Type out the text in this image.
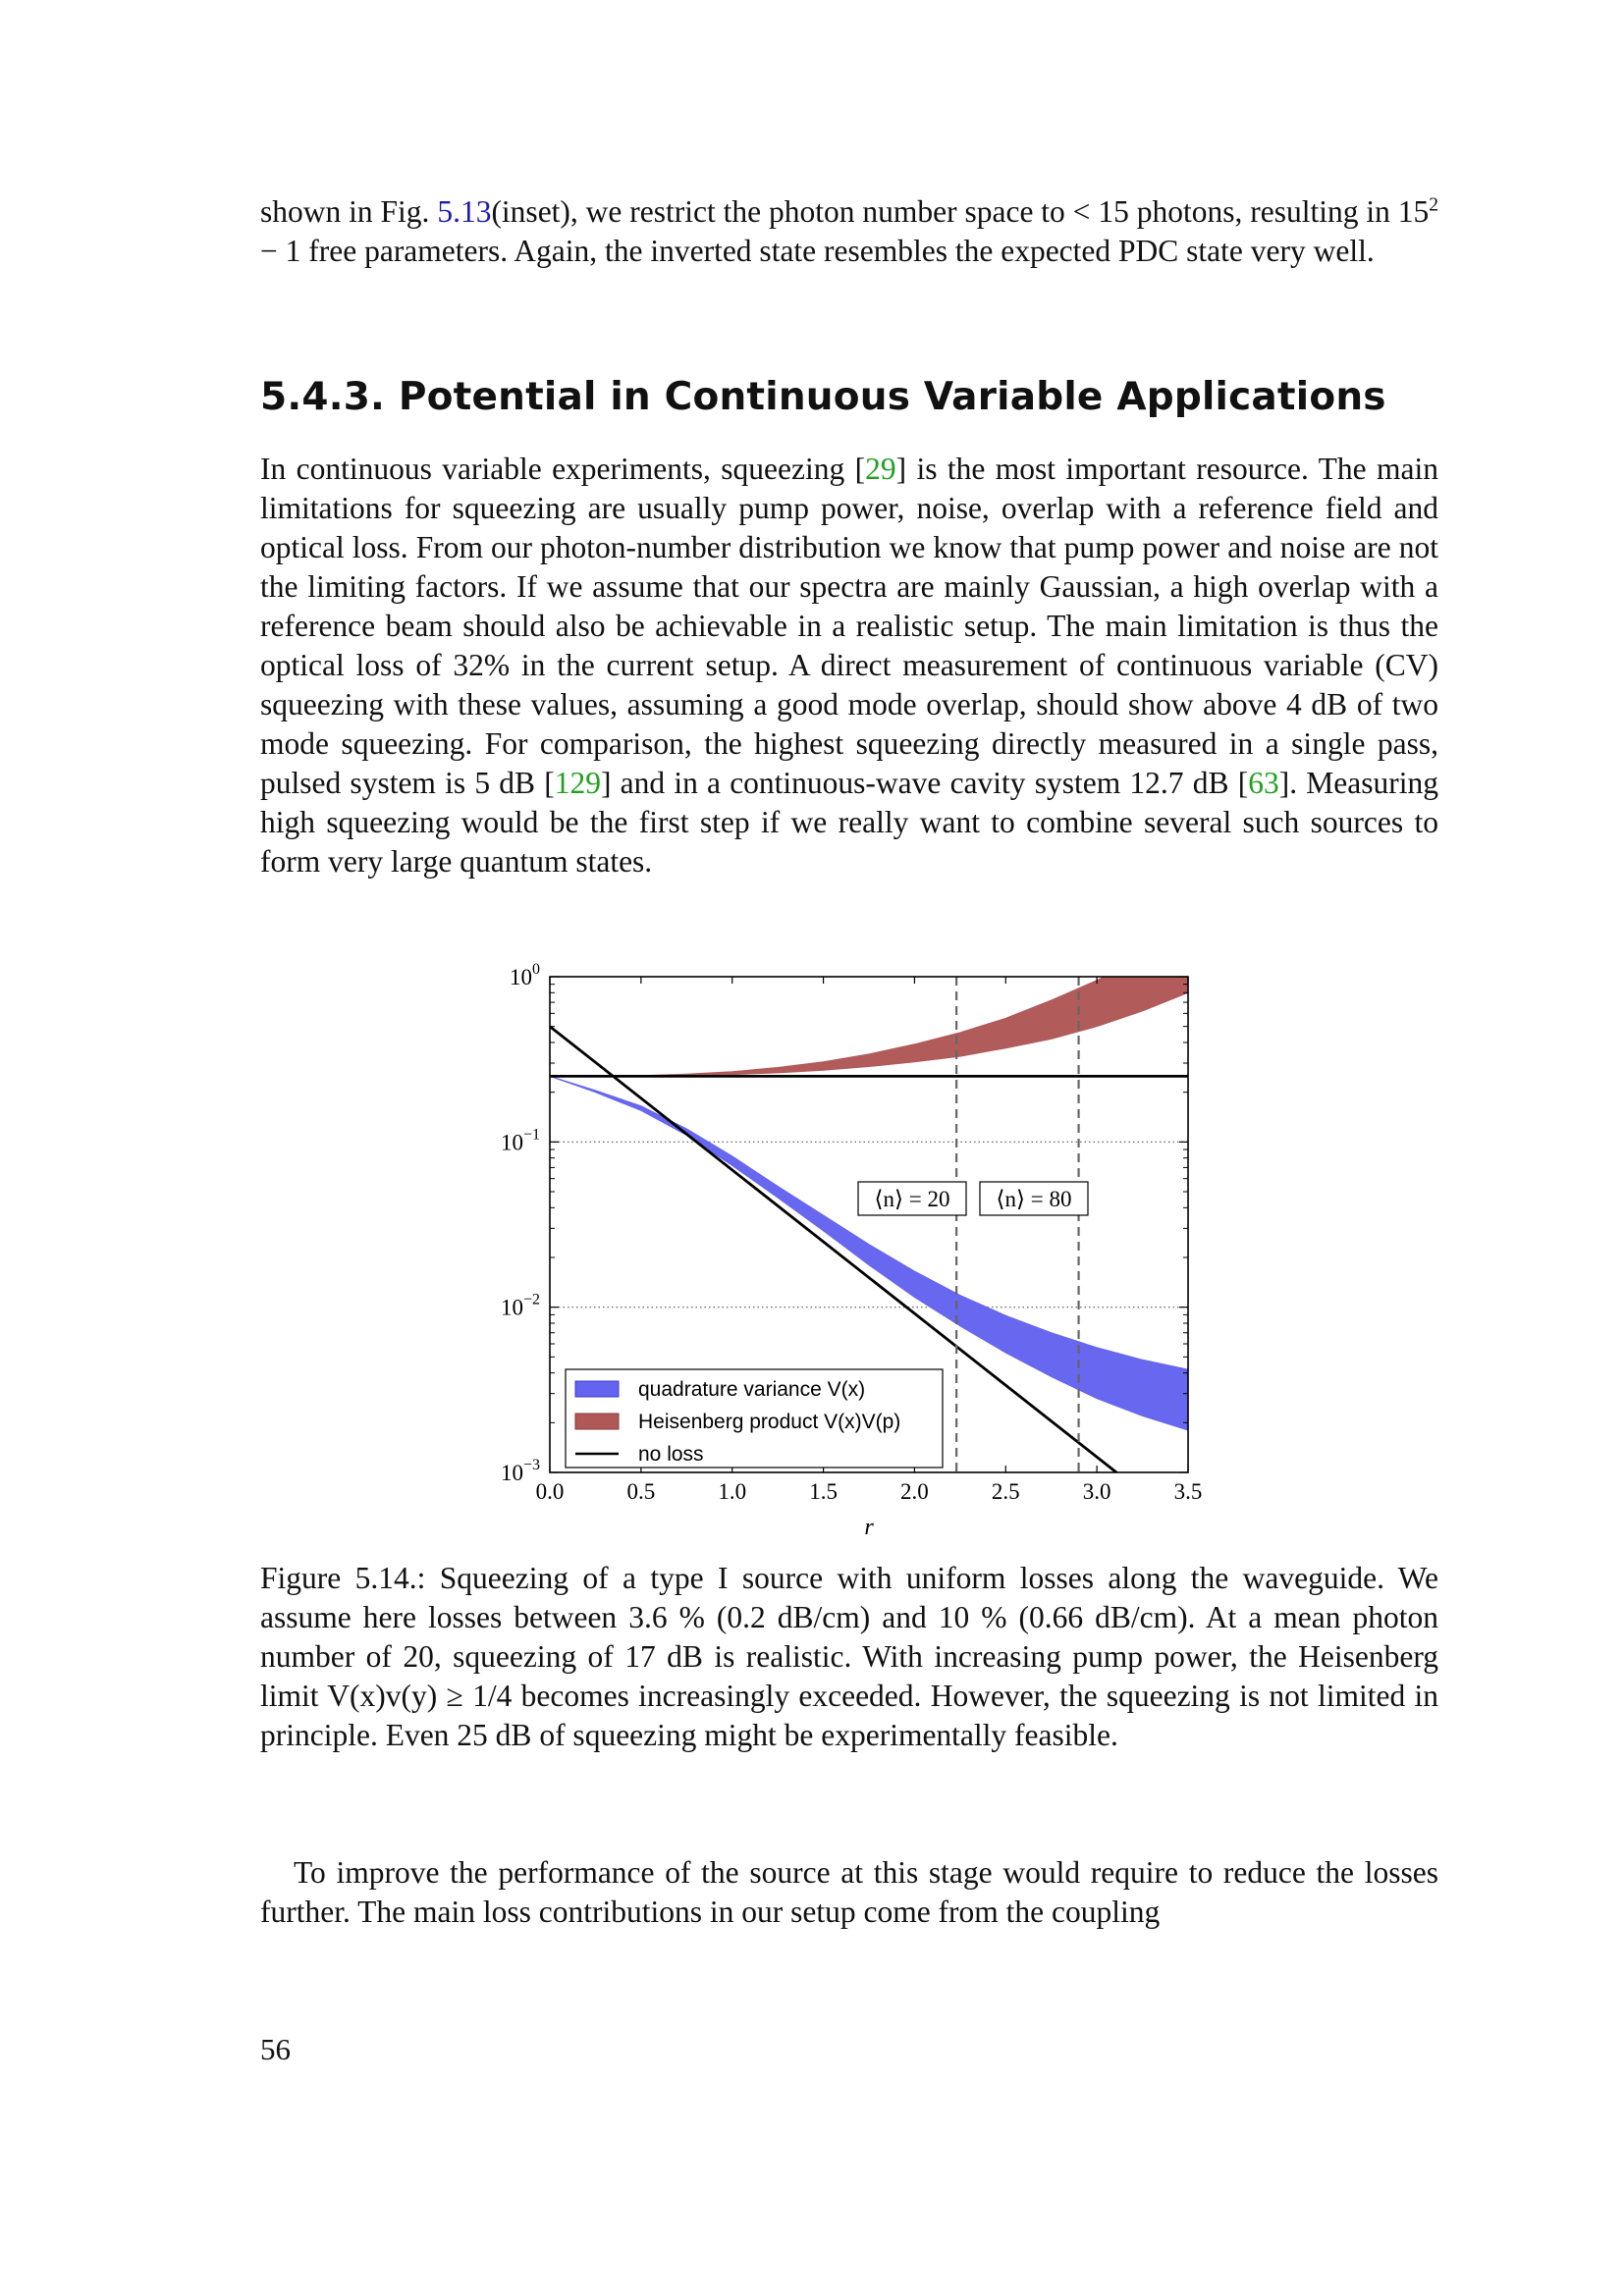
shown in Fig. 5.13(inset), we restrict the photon number space to < 15 photons, resulting in $15^2 - 1$ free parameters. Again, the inverted state resembles the expected PDC state very well.

5.4.3. Potential in Continuous Variable Applications

In continuous variable experiments, squeezing [29] is the most important resource. The main limitations for squeezing are usually pump power, noise, overlap with a reference field and optical loss. From our photon-number distribution we know that pump power and noise are not the limiting factors. If we assume that our spectra are mainly Gaussian, a high overlap with a reference beam should also be achievable in a realistic setup. The main limitation is thus the optical loss of 32% in the current setup. A direct measurement of continuous variable (CV) squeezing with these values, assuming a good mode overlap, should show above 4 dB of two mode squeezing. For comparison, the highest squeezing directly measured in a single pass, pulsed system is 5 dB [129] and in a continuous-wave cavity system 12.7 dB [63]. Measuring high squeezing would be the first step if we really want to combine several such sources to form very large quantum states.

0.0	0.5	1.0	1.5	2.0	2.5	3.0	3.5
$10^0$
$10^{-1}$
$10^{-2}$
$10^{-3}$
r
⟨n⟩ = 20 ⟨n⟩ = 80
quadrature variance V(x)
Heisenberg product V(x)V(p)
no loss
Figure 5.14.: Squeezing of a type I source with uniform losses along the waveguide. We assume here losses between 3.6 % (0.2 dB/cm) and 10 % (0.66 dB/cm). At a mean photon number of 20, squeezing of 17 dB is realistic. With increasing pump power, the Heisenberg limit V(x)v(y) ≥ 1/4 becomes increasingly exceeded. However, the squeezing is not limited in principle. Even 25 dB of squeezing might be experimentally feasible.

To improve the performance of the source at this stage would require to reduce the losses further. The main loss contributions in our setup come from the coupling

56
